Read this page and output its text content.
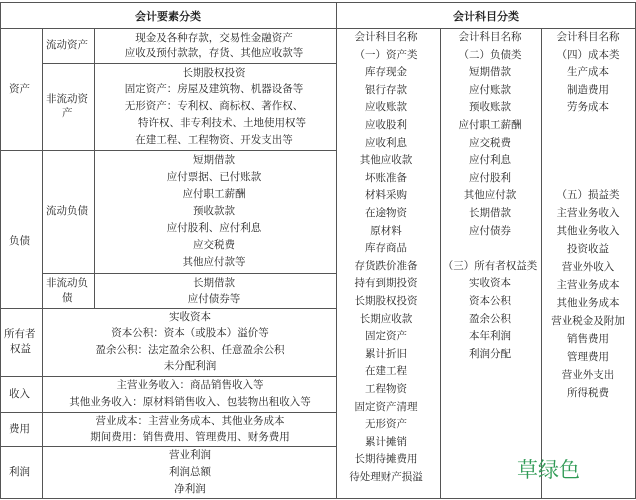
会计要素分类	会计科目分类
资产
流动资产
现金及各种存款，交易性金融资产
应收及预付款款，存货、其他应收款等
非流动资
产
长期股权投资
固定资产：房屋及建筑物、机器设备等
无形资产：专利权、商标权、著作权、
特许权、非专利技术、土地使用权等
在建工程、工程物资、开发支出等
负债
流动负债
短期借款
应付票据、已付账款
应付职工薪酬
预收款款
应付股利、应付利息
应交税费
其他应付款等
非流动负
债
长期借款
应付债券等
所有者
权益
实收资本
资本公积：资本（或股本）溢价等
盈余公积：法定盈余公积、任意盈余公积
未分配利润
收入
主营业务收入：商品销售收入等
其他业务收入：原材料销售收入、包装物出租收入等
费用
营业成本：主营业务成本、其他业务成本
期间费用：销售费用、管理费用、财务费用
利润
营业利润
利润总额
净利润
会计科目名称
（一）资产类
库存现金
银行存款
应收账款
应收股利
应收利息
其他应收款
坏账准备
材料采购
在途物资
原材料
库存商品
存货跌价准备
持有到期投资
长期股权投资
长期应收款
固定资产
累计折旧
在建工程
工程物资
固定资产清理
无形资产
累计摊销
长期待摊费用
待处理财产损溢
会计科目名称
（二）负债类
短期借款
应付账款
预收账款
应付职工薪酬
应交税费
应付利息
应付股利
其他应付款
长期借款
应付债券
（三）所有者权益类
实收资本
资本公积
盈余公积
本年利润
利润分配
会计科目名称
（四）成本类
生产成本
制造费用
劳务成本
（五）损益类
主营业务收入
其他业务收入
投资收益
营业外收入
主营业务成本
其他业务成本
营业税金及附加
销售费用
管理费用
营业外支出
所得税费
草绿色
